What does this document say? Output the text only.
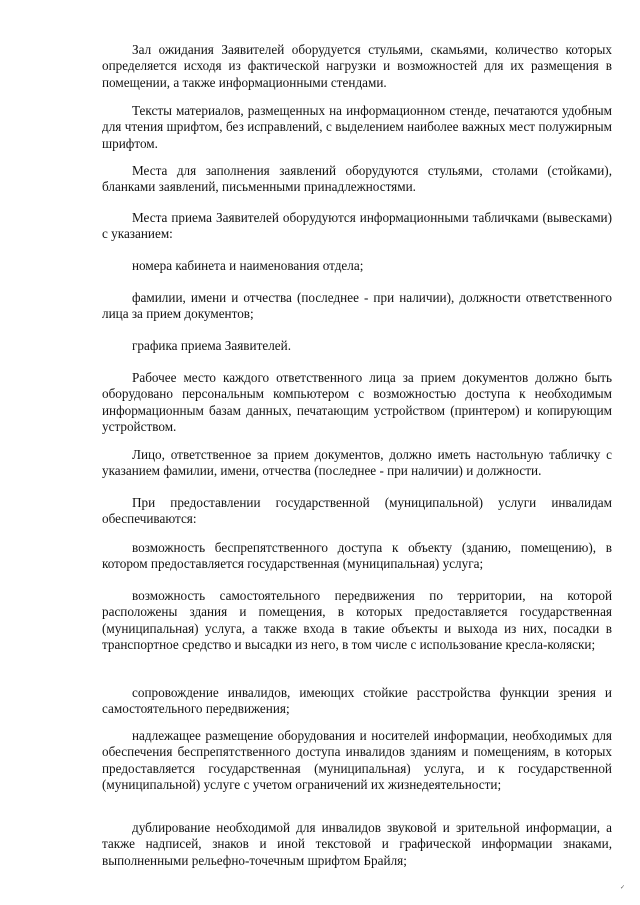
Зал ожидания Заявителей оборудуется стульями, скамьями, количество которых определяется исходя из фактической нагрузки и возможностей для их размещения в помещении, а также информационными стендами.

Тексты материалов, размещенных на информационном стенде, печатаются удобным для чтения шрифтом, без исправлений, с выделением наиболее важных мест полужирным шрифтом.

Места для заполнения заявлений оборудуются стульями, столами (стойками), бланками заявлений, письменными принадлежностями.

Места приема Заявителей оборудуются информационными табличками (вывесками) с указанием:

номера кабинета и наименования отдела;

фамилии, имени и отчества (последнее - при наличии), должности ответственного лица за прием документов;

графика приема Заявителей.

Рабочее место каждого ответственного лица за прием документов должно быть оборудовано персональным компьютером с возможностью доступа к необходимым информационным базам данных, печатающим устройством (принтером) и копирующим устройством.

Лицо, ответственное за прием документов, должно иметь настольную табличку с указанием фамилии, имени, отчества (последнее - при наличии) и должности.

При предоставлении государственной (муниципальной) услуги инвалидам обеспечиваются:

возможность беспрепятственного доступа к объекту (зданию, помещению), в котором предоставляется государственная (муниципальная) услуга;

возможность самостоятельного передвижения по территории, на которой расположены здания и помещения, в которых предоставляется государственная (муниципальная) услуга, а также входа в такие объекты и выхода из них, посадки в транспортное средство и высадки из него, в том числе с использование кресла-коляски;

сопровождение инвалидов, имеющих стойкие расстройства функции зрения и самостоятельного передвижения;

надлежащее размещение оборудования и носителей информации, необходимых для обеспечения беспрепятственного доступа инвалидов зданиям и помещениям, в которых предоставляется государственная (муниципальная) услуга, и к государственной (муниципальной) услуге с учетом ограничений их жизнедеятельности;

дублирование необходимой для инвалидов звуковой и зрительной информации, а также надписей, знаков и иной текстовой и графической информации знаками, выполненными рельефно-точечным шрифтом Брайля;

✓
